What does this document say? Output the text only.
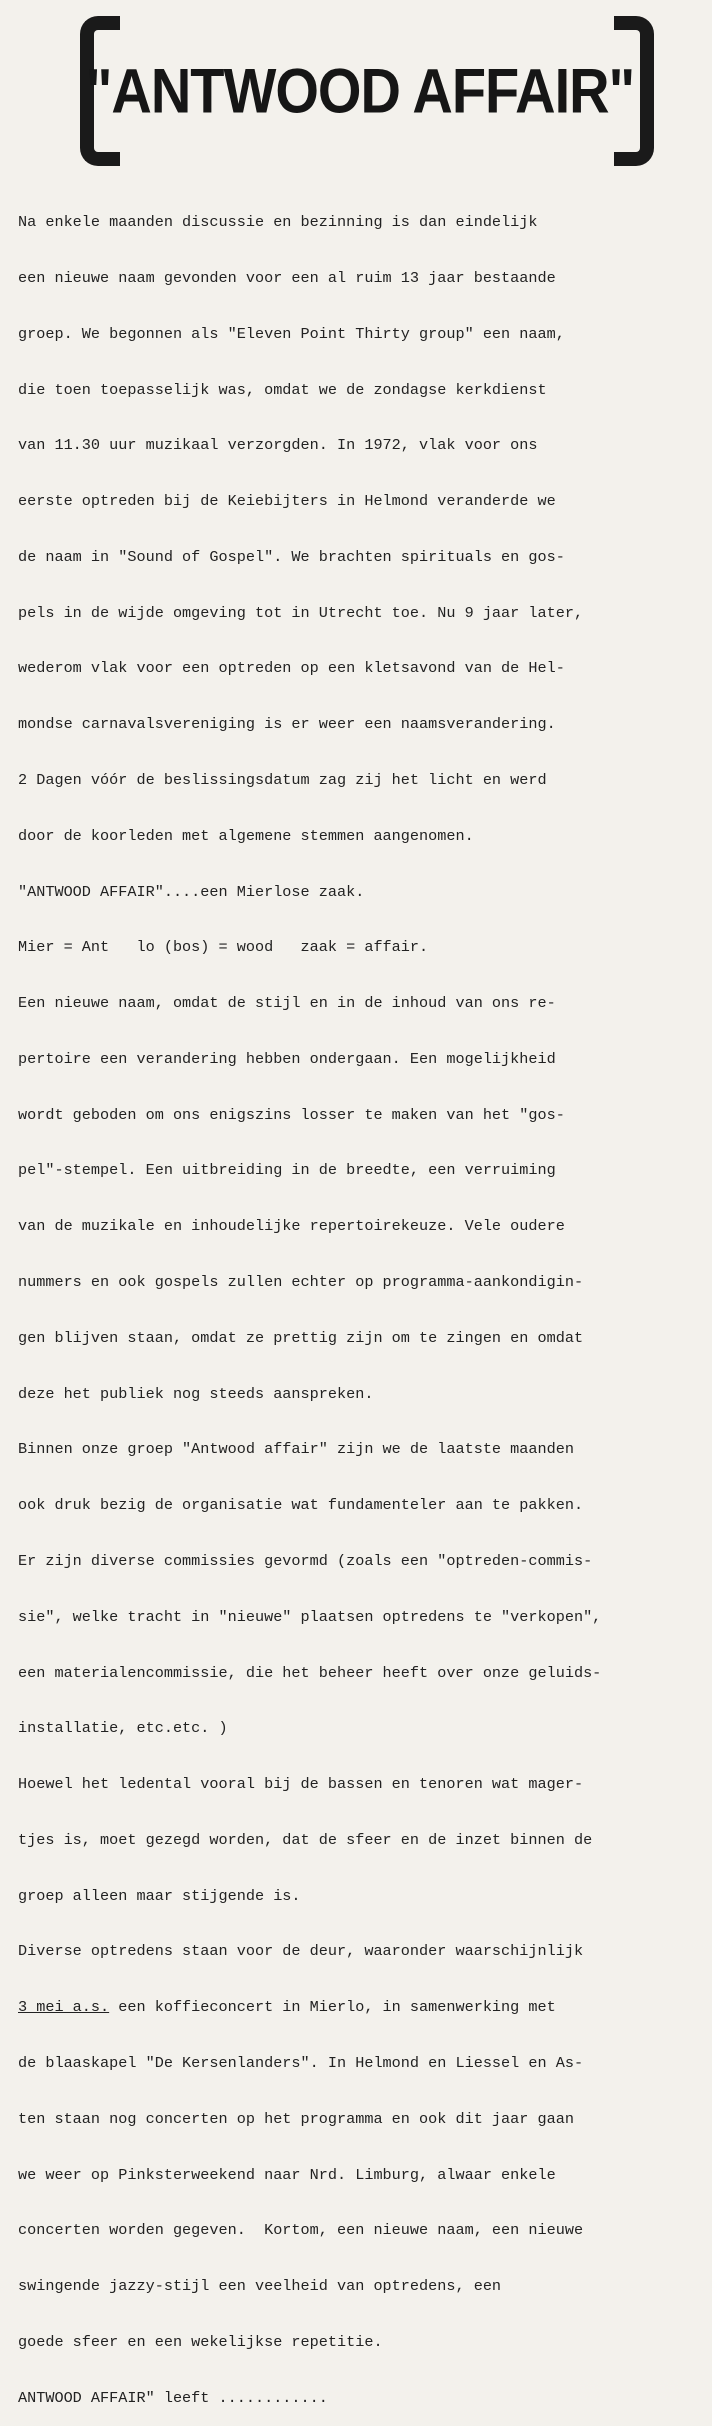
"ANTWOOD AFFAIR"

Na enkele maanden discussie en bezinning is dan eindelijk

een nieuwe naam gevonden voor een al ruim 13 jaar bestaande

groep. We begonnen als "Eleven Point Thirty group" een naam,

die toen toepasselijk was, omdat we de zondagse kerkdienst

van 11.30 uur muzikaal verzorgden. In 1972, vlak voor ons

eerste optreden bij de Keiebijters in Helmond veranderde we

de naam in "Sound of Gospel". We brachten spirituals en gos-

pels in de wijde omgeving tot in Utrecht toe. Nu 9 jaar later,

wederom vlak voor een optreden op een kletsavond van de Hel-

mondse carnavalsvereniging is er weer een naamsverandering.

2 Dagen vóór de beslissingsdatum zag zij het licht en werd

door de koorleden met algemene stemmen aangenomen.

"ANTWOOD AFFAIR"....een Mierlose zaak.

Mier = Ant   lo (bos) = wood   zaak = affair.

Een nieuwe naam, omdat de stijl en in de inhoud van ons re-

pertoire een verandering hebben ondergaan. Een mogelijkheid

wordt geboden om ons enigszins losser te maken van het "gos-

pel"-stempel. Een uitbreiding in de breedte, een verruiming

van de muzikale en inhoudelijke repertoirekeuze. Vele oudere

nummers en ook gospels zullen echter op programma-aankondigin-

gen blijven staan, omdat ze prettig zijn om te zingen en omdat

deze het publiek nog steeds aanspreken.

Binnen onze groep "Antwood affair" zijn we de laatste maanden

ook druk bezig de organisatie wat fundamenteler aan te pakken.

Er zijn diverse commissies gevormd (zoals een "optreden-commis-

sie", welke tracht in "nieuwe" plaatsen optredens te "verkopen",

een materialencommissie, die het beheer heeft over onze geluids-

installatie, etc.etc. )

Hoewel het ledental vooral bij de bassen en tenoren wat mager-

tjes is, moet gezegd worden, dat de sfeer en de inzet binnen de

groep alleen maar stijgende is.

Diverse optredens staan voor de deur, waaronder waarschijnlijk

3 mei a.s. een koffieconcert in Mierlo, in samenwerking met

de blaaskapel "De Kersenlanders". In Helmond en Liessel en As-

ten staan nog concerten op het programma en ook dit jaar gaan

we weer op Pinksterweekend naar Nrd. Limburg, alwaar enkele

concerten worden gegeven.  Kortom, een nieuwe naam, een nieuwe

swingende jazzy-stijl een veelheid van optredens, een

goede sfeer en een wekelijkse repetitie.

ANTWOOD AFFAIR" leeft ............
